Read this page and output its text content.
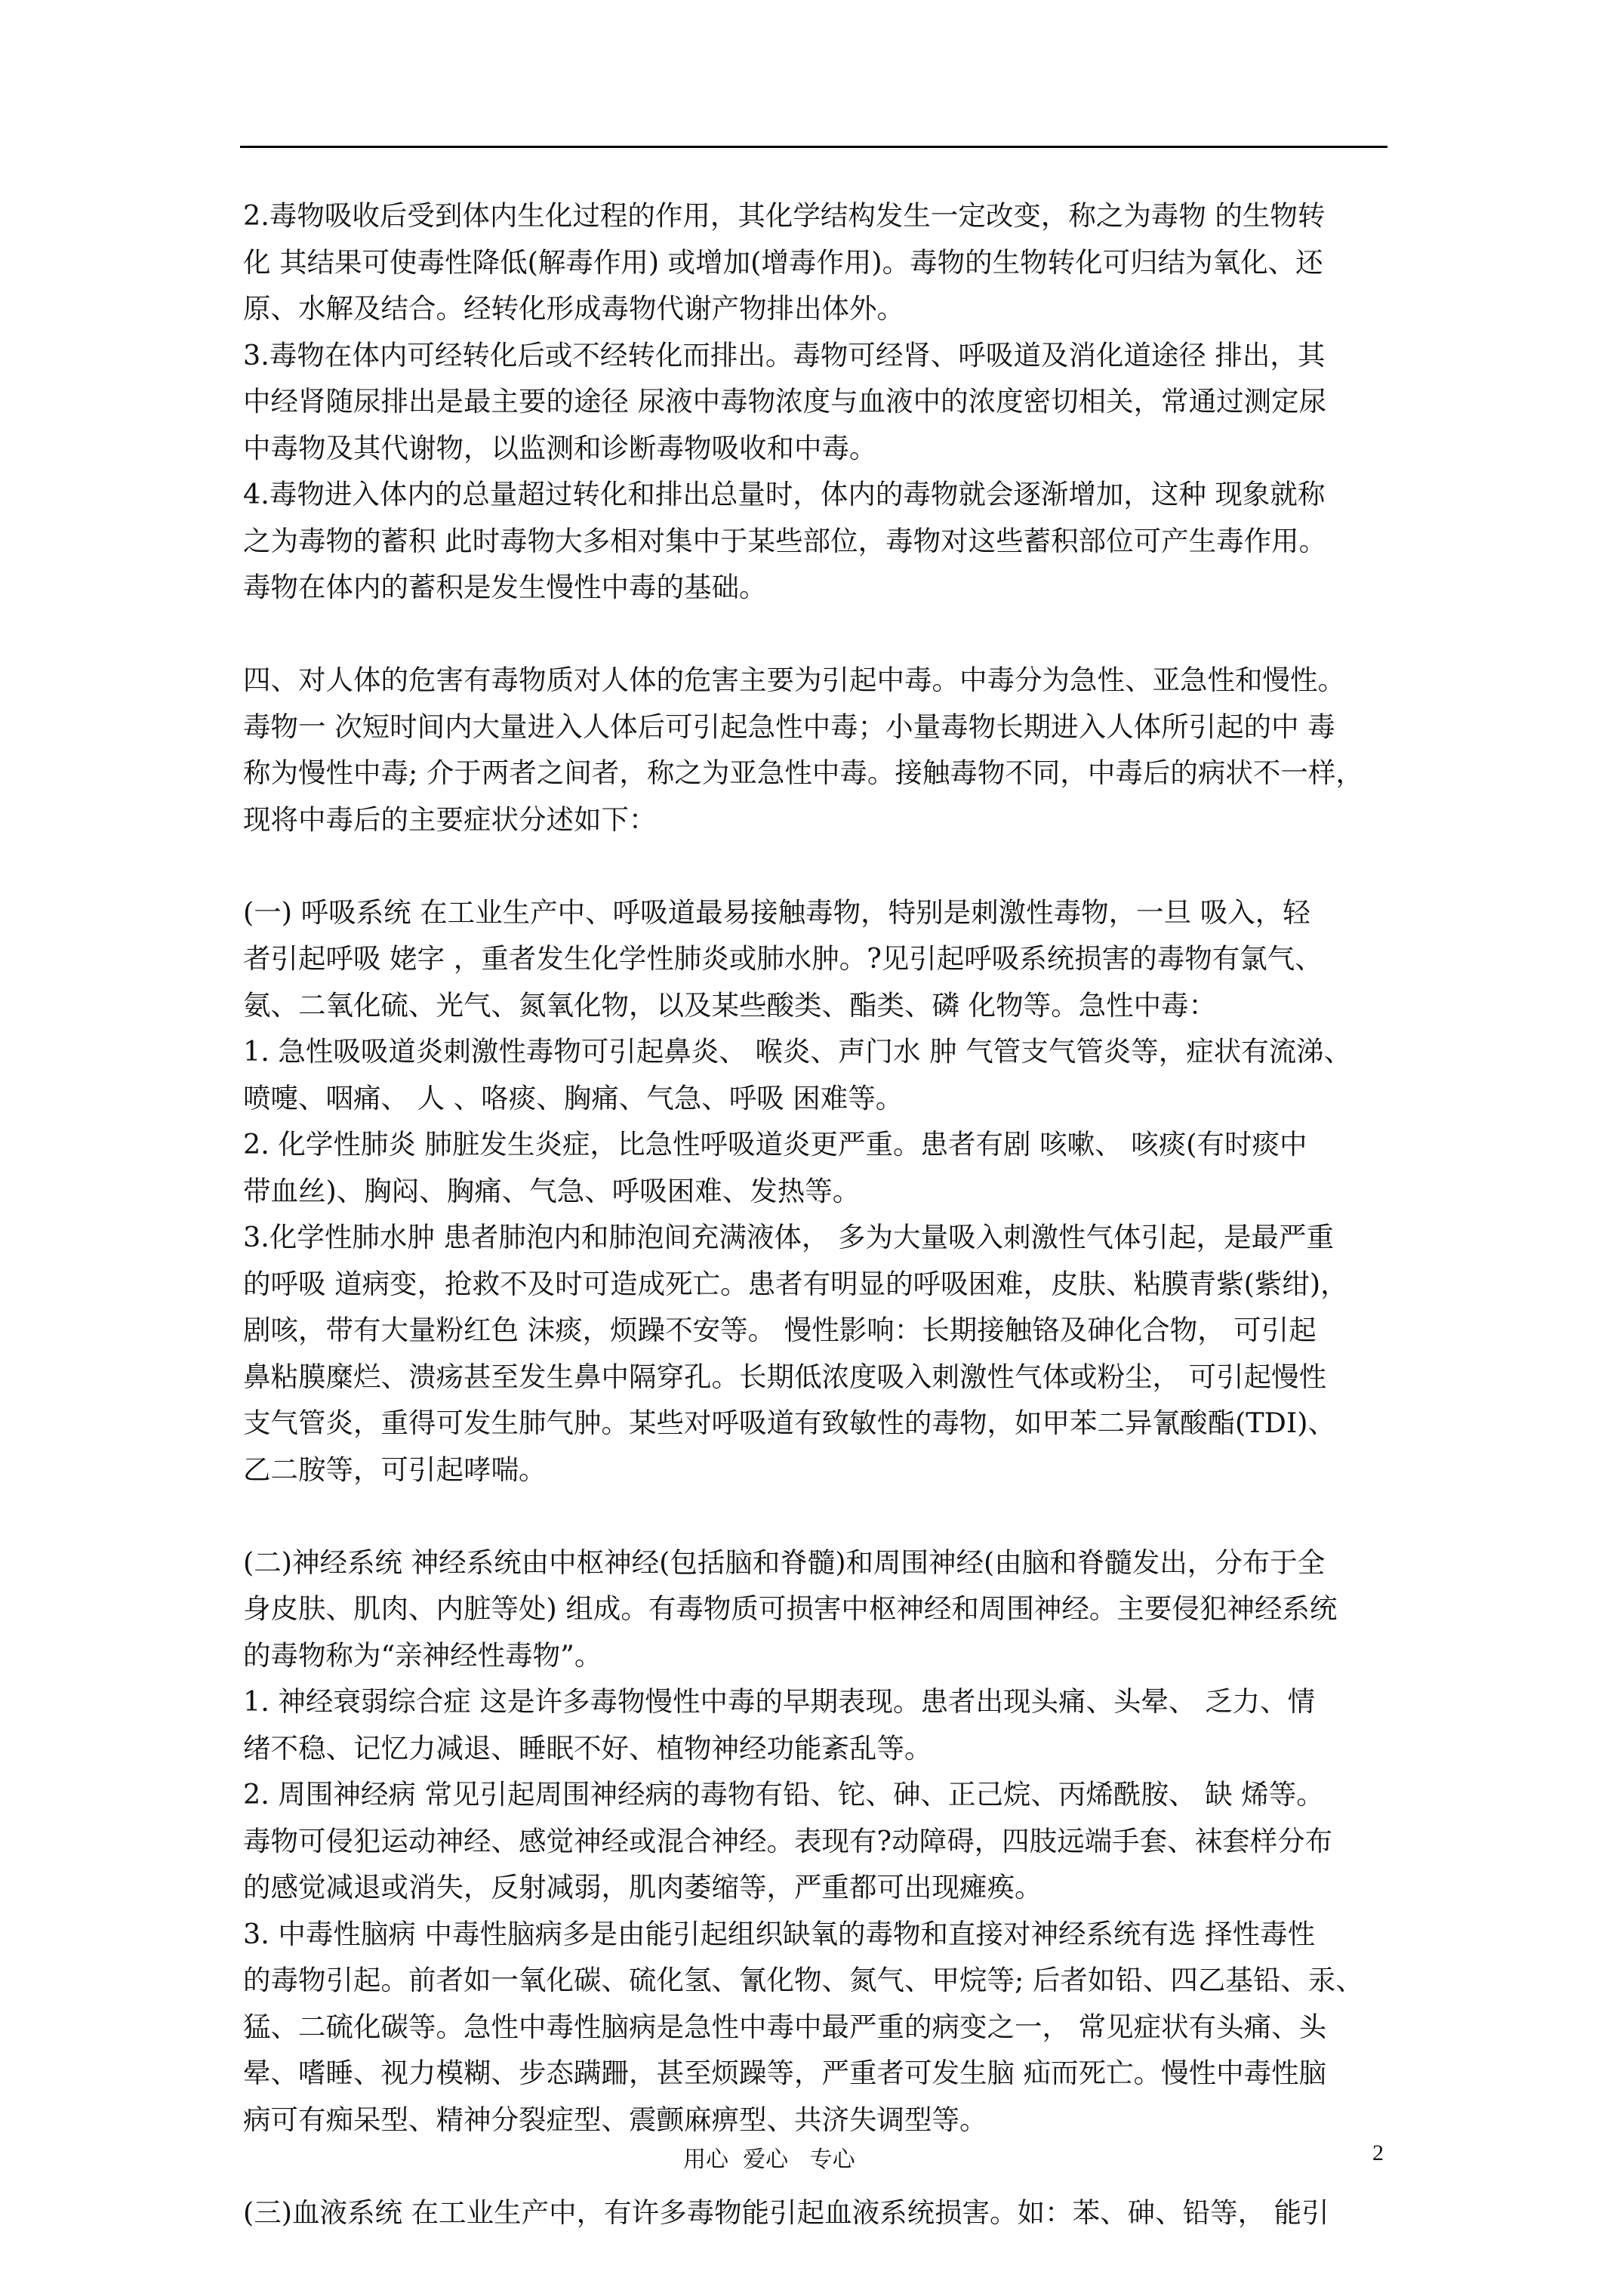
2.毒物吸收后受到体内生化过程的作用，其化学结构发生一定改变，称之为毒物 的生物转

化 其结果可使毒性降低(解毒作用) 或增加(增毒作用)。毒物的生物转化可归结为氧化、还

原、水解及结合。经转化形成毒物代谢产物排出体外。

3.毒物在体内可经转化后或不经转化而排出。毒物可经肾、呼吸道及消化道途径 排出，其

中经肾随尿排出是最主要的途径 尿液中毒物浓度与血液中的浓度密切相关，常通过测定尿

中毒物及其代谢物，以监测和诊断毒物吸收和中毒。

4.毒物进入体内的总量超过转化和排出总量时，体内的毒物就会逐渐增加，这种 现象就称

之为毒物的蓄积 此时毒物大多相对集中于某些部位，毒物对这些蓄积部位可产生毒作用。

毒物在体内的蓄积是发生慢性中毒的基础。

四、对人体的危害有毒物质对人体的危害主要为引起中毒。中毒分为急性、亚急性和慢性。

毒物一 次短时间内大量进入人体后可引起急性中毒；小量毒物长期进入人体所引起的中 毒

称为慢性中毒; 介于两者之间者，称之为亚急性中毒。接触毒物不同，中毒后的病状不一样，

现将中毒后的主要症状分述如下：

(一) 呼吸系统 在工业生产中、呼吸道最易接触毒物，特别是刺激性毒物，一旦 吸入，轻

者引起呼吸 姥字 ，重者发生化学性肺炎或肺水肿。?见引起呼吸系统损害的毒物有氯气、

氨、二氧化硫、光气、氮氧化物，以及某些酸类、酯类、磷 化物等。急性中毒：

1. 急性吸吸道炎刺激性毒物可引起鼻炎、 喉炎、声门水 肿 气管支气管炎等，症状有流涕、

喷嚏、咽痛、 人 、咯痰、胸痛、气急、呼吸 困难等。

2. 化学性肺炎 肺脏发生炎症，比急性呼吸道炎更严重。患者有剧 咳嗽、 咳痰(有时痰中

带血丝)、胸闷、胸痛、气急、呼吸困难、发热等。

3.化学性肺水肿 患者肺泡内和肺泡间充满液体， 多为大量吸入刺激性气体引起，是最严重

的呼吸 道病变，抢救不及时可造成死亡。患者有明显的呼吸困难，皮肤、粘膜青紫(紫绀)，

剧咳，带有大量粉红色 沫痰，烦躁不安等。 慢性影响：长期接触铬及砷化合物， 可引起

鼻粘膜糜烂、溃疡甚至发生鼻中隔穿孔。长期低浓度吸入刺激性气体或粉尘， 可引起慢性

支气管炎，重得可发生肺气肿。某些对呼吸道有致敏性的毒物，如甲苯二异氰酸酯(TDI)、

乙二胺等，可引起哮喘。

(二)神经系统 神经系统由中枢神经(包括脑和脊髓)和周围神经(由脑和脊髓发出，分布于全

身皮肤、肌肉、内脏等处) 组成。有毒物质可损害中枢神经和周围神经。主要侵犯神经系统

的毒物称为“亲神经性毒物”。

1. 神经衰弱综合症 这是许多毒物慢性中毒的早期表现。患者出现头痛、头晕、 乏力、情

绪不稳、记忆力减退、睡眠不好、植物神经功能紊乱等。

2. 周围神经病 常见引起周围神经病的毒物有铅、铊、砷、正己烷、丙烯酰胺、 缺 烯等。

毒物可侵犯运动神经、感觉神经或混合神经。表现有?动障碍，四肢远端手套、袜套样分布

的感觉减退或消失，反射减弱，肌肉萎缩等，严重都可出现瘫痪。

3. 中毒性脑病 中毒性脑病多是由能引起组织缺氧的毒物和直接对神经系统有选 择性毒性

的毒物引起。前者如一氧化碳、硫化氢、氰化物、氮气、甲烷等; 后者如铅、四乙基铅、汞、

猛、二硫化碳等。急性中毒性脑病是急性中毒中最严重的病变之一， 常见症状有头痛、头

晕、嗜睡、视力模糊、步态蹒跚，甚至烦躁等，严重者可发生脑 疝而死亡。慢性中毒性脑

病可有痴呆型、精神分裂症型、震颤麻痹型、共济失调型等。

(三)血液系统 在工业生产中，有许多毒物能引起血液系统损害。如：苯、砷、铅等， 能引

用心  爱心   专心	2
